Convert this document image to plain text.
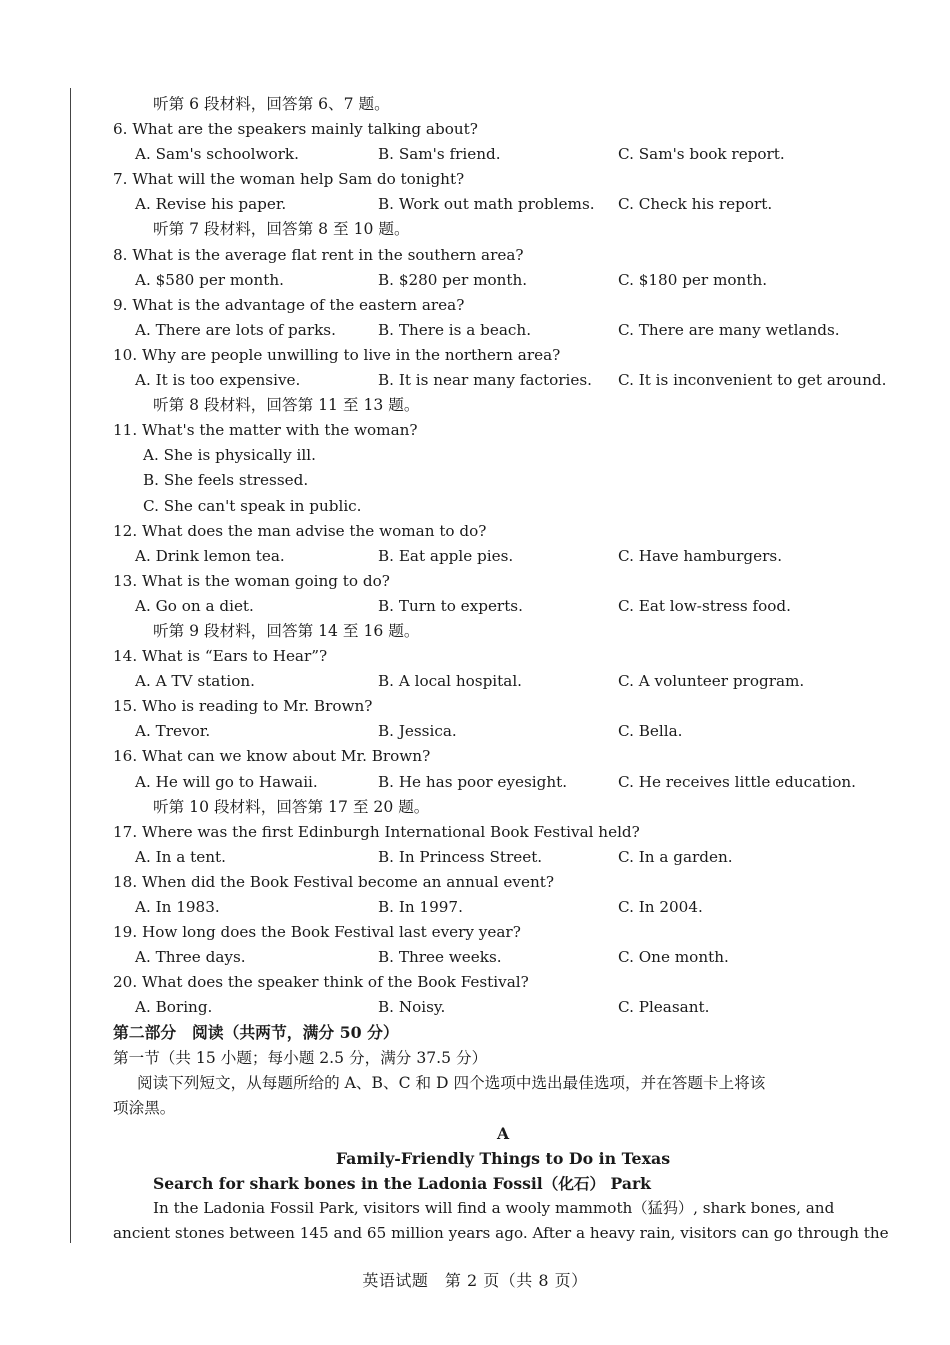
听第 6 段材料，回答第 6、7 题。
6. What are the speakers mainly talking about?
A. Sam's schoolwork.	B. Sam's friend.	C. Sam's book report.
7. What will the woman help Sam do tonight?
A. Revise his paper.	B. Work out math problems. C. Check his report.
听第 7 段材料，回答第 8 至 10 题。
8. What is the average flat rent in the southern area?
A. $580 per month.	B. $280 per month.	C. $180 per month.
9. What is the advantage of the eastern area?
A. There are lots of parks.	B. There is a beach.	C. There are many wetlands.
10. Why are people unwilling to live in the northern area?
A. It is too expensive.	B. It is near many factories. C. It is inconvenient to get around.
听第 8 段材料，回答第 11 至 13 题。
11. What's the matter with the woman?
A. She is physically ill.
B. She feels stressed.
C. She can't speak in public.
12. What does the man advise the woman to do?
A. Drink lemon tea.	B. Eat apple pies.	C. Have hamburgers.
13. What is the woman going to do?
A. Go on a diet.	B. Turn to experts.	C. Eat low-stress food.
听第 9 段材料，回答第 14 至 16 题。
14. What is “Ears to Hear”?
A. A TV station.	B. A local hospital.	C. A volunteer program.
15. Who is reading to Mr. Brown?
A. Trevor.	B. Jessica.	C. Bella.
16. What can we know about Mr. Brown?
A. He will go to Hawaii.	B. He has poor eyesight.	C. He receives little education.
听第 10 段材料，回答第 17 至 20 题。
17. Where was the first Edinburgh International Book Festival held?
A. In a tent.	B. In Princess Street.	C. In a garden.
18. When did the Book Festival become an annual event?
A. In 1983.	B. In 1997.	C. In 2004.
19. How long does the Book Festival last every year?
A. Three days.	B. Three weeks.	C. One month.
20. What does the speaker think of the Book Festival?
A. Boring.	B. Noisy.	C. Pleasant.
第二部分　阅读（共两节，满分 50 分）
第一节（共 15 小题；每小题 2.5 分，满分 37.5 分）
阅读下列短文，从每题所给的 A、B、C 和 D 四个选项中选出最佳选项，并在答题卡上将该
项涂黑。
A
Family-Friendly Things to Do in Texas
Search for shark bones in the Ladonia Fossil（化石） Park
In the Ladonia Fossil Park, visitors will find a wooly mammoth（猛犸）, shark bones, and
ancient stones between 145 and 65 million years ago. After a heavy rain, visitors can go through the
英语试题　第 2 页（共 8 页）
